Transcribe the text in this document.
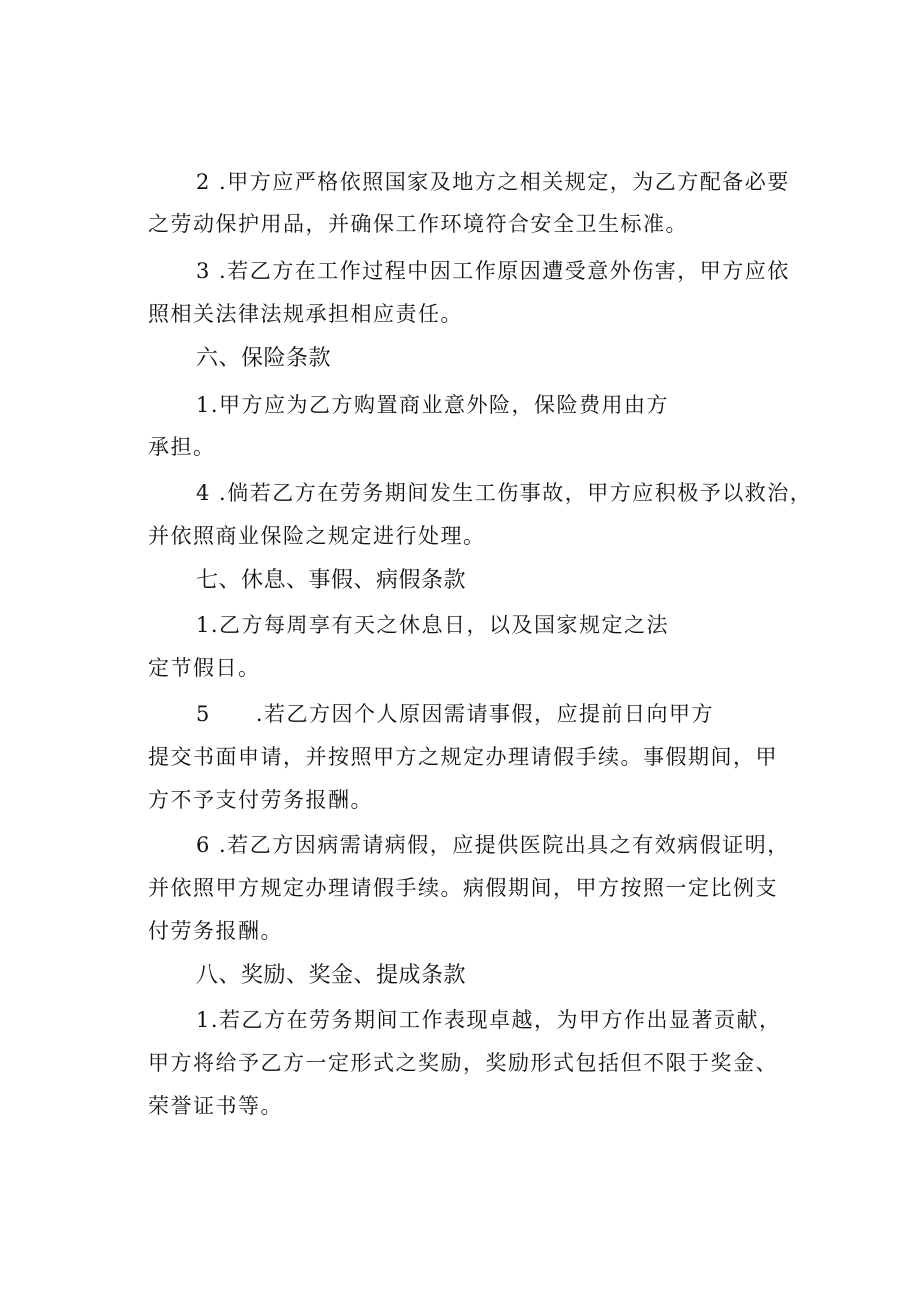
2 .甲方应严格依照国家及地方之相关规定，为乙方配备必要
之劳动保护用品，并确保工作环境符合安全卫生标准。
3 .若乙方在工作过程中因工作原因遭受意外伤害，甲方应依
照相关法律法规承担相应责任。
六、保险条款
1.甲方应为乙方购置商业意外险，保险费用由方
承担。
4 .倘若乙方在劳务期间发生工伤事故，甲方应积极予以救治，
并依照商业保险之规定进行处理。
七、休息、事假、病假条款
1.乙方每周享有天之休息日，以及国家规定之法
定节假日。
5　　.若乙方因个人原因需请事假，应提前日向甲方
提交书面申请，并按照甲方之规定办理请假手续。事假期间，甲
方不予支付劳务报酬。
6 .若乙方因病需请病假，应提供医院出具之有效病假证明，
并依照甲方规定办理请假手续。病假期间，甲方按照一定比例支
付劳务报酬。
八、奖励、奖金、提成条款
1.若乙方在劳务期间工作表现卓越，为甲方作出显著贡献，
甲方将给予乙方一定形式之奖励，奖励形式包括但不限于奖金、
荣誉证书等。
